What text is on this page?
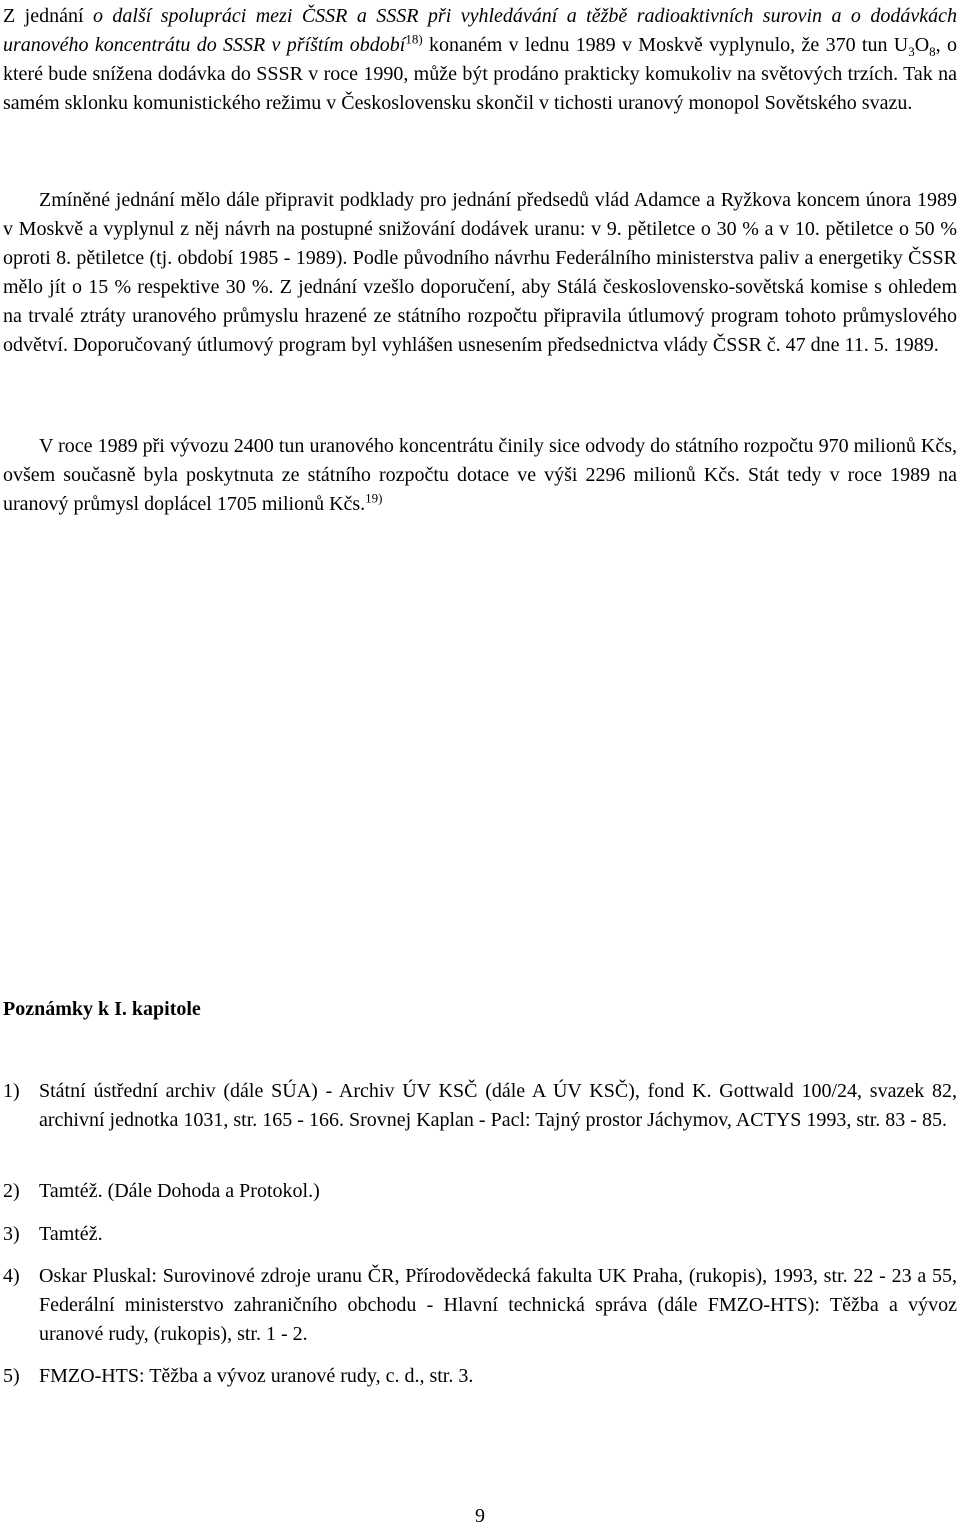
Z jednání o další spolupráci mezi ČSSR a SSSR při vyhledávání a těžbě radioaktivních surovin a o dodávkách uranového koncentrátu do SSSR v příštím období$^{18)}$ konaném v lednu 1989 v Moskvě vyplynulo, že 370 tun $U_3O_8$, o které bude snížena dodávka do SSSR v roce 1990, může být prodáno prakticky komukoliv na světových trzích. Tak na samém sklonku komunistického režimu v Československu skončil v tichosti uranový monopol Sovětského svazu.

Zmíněné jednání mělo dále připravit podklady pro jednání předsedů vlád Adamce a Ryžkova koncem února 1989 v Moskvě a vyplynul z něj návrh na postupné snižování dodávek uranu: v 9. pětiletce o 30 % a v 10. pětiletce o 50 % oproti 8. pětiletce (tj. období 1985 - 1989). Podle původního návrhu Federálního ministerstva paliv a energetiky ČSSR mělo jít o 15 % respektive 30 %. Z jednání vzešlo doporučení, aby Stálá československo-sovětská komise s ohledem na trvalé ztráty uranového průmyslu hrazené ze státního rozpočtu připravila útlumový program tohoto průmyslového odvětví. Doporučovaný útlumový program byl vyhlášen usnesením předsednictva vlády ČSSR č. 47 dne 11. 5. 1989.

V roce 1989 při vývozu 2400 tun uranového koncentrátu činily sice odvody do státního rozpočtu 970 milionů Kčs, ovšem současně byla poskytnuta ze státního rozpočtu dotace ve výši 2296 milionů Kčs. Stát tedy v roce 1989 na uranový průmysl doplácel 1705 milionů Kčs.$^{19)}$

Poznámky k I. kapitole
1) Státní ústřední archiv (dále SÚA) - Archiv ÚV KSČ (dále A ÚV KSČ), fond K. Gottwald 100/24, svazek 82, archivní jednotka 1031, str. 165 - 166. Srovnej Kaplan - Pacl: Tajný prostor Jáchymov, ACTYS 1993, str. 83 - 85.
2) Tamtéž. (Dále Dohoda a Protokol.)
3) Tamtéž.
4) Oskar Pluskal: Surovinové zdroje uranu ČR, Přírodovědecká fakulta UK Praha, (rukopis), 1993, str. 22 - 23 a 55, Federální ministerstvo zahraničního obchodu - Hlavní technická správa (dále FMZO-HTS): Těžba a vývoz uranové rudy, (rukopis), str. 1 - 2.
5) FMZO-HTS: Těžba a vývoz uranové rudy, c. d., str. 3.
9
